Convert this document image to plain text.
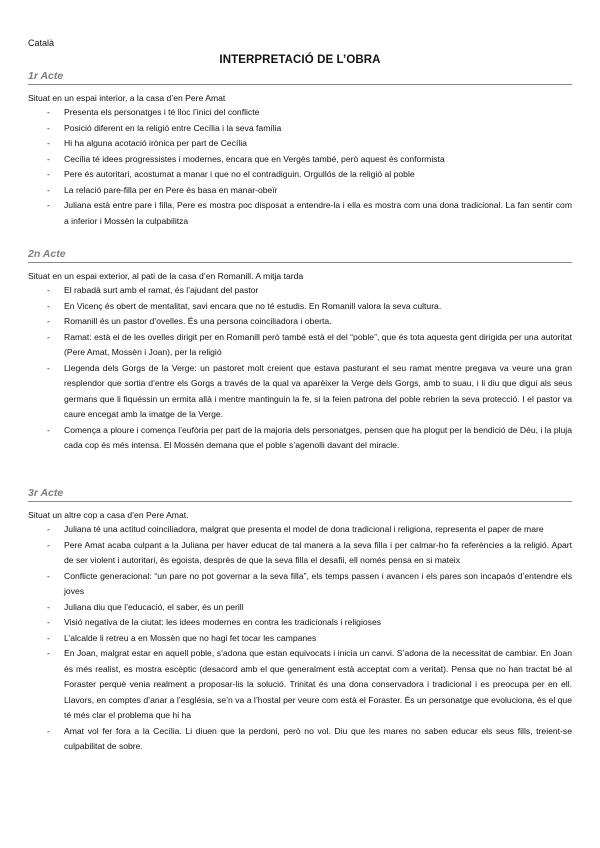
Català
INTERPRETACIÓ DE L’OBRA
1r Acte

Situat en un espai interior, a la casa d’en Pere Amat

- Presenta els personatges i té lloc l’inici del conflicte
- Posició diferent en la religió entre Cecília i la seva família
- Hi ha alguna acotació irònica per part de Cecília
- Cecília té idees progressistes i modernes, encara que en Vergès també, però aquest és conformista
- Pere és autoritari, acostumat a manar i que no el contradiguin. Orgullós de la religió al poble
- La relació pare-filla per en Pere és basa en manar-obeïr
- Juliana està entre pare i filla, Pere es mostra poc disposat a entendre-la i ella es mostra com una dona tradicional. La fan sentir com a inferior i Mossèn la culpabilitza
2n Acte

Situat en un espai exterior, al pati de la casa d’en Romanill. A mitja tarda

- El rabadà surt amb el ramat, és l’ajudant del pastor
- En Vicenç és obert de mentalitat, savi encara que no té estudis. En Romanill valora la seva cultura.
- Romanill és un pastor d’ovelles. És una persona coinciliadora i oberta.
- Ramat: està el de les ovelles dirigit per en Romanill però també està el del “poble”, que és tota aquesta gent dirigida per una autoritat (Pere Amat, Mossèn i Joan), per la religió
- Llegenda dels Gorgs de la Verge: un pastoret molt creient que estava pasturant el seu ramat mentre pregava va veure una gran resplendor que sortia d’entre els Gorgs a través de la qual va aparèixer la Verge dels Gorgs, amb to suau, i li diu que digui als seus germans que li fiquéssin un ermita allà i mentre mantinguin la fe, si la feien patrona del poble rebrien la seva protecció. I el pastor va caure encegat amb la imatge de la Verge.
- Comença a ploure i comença l’eufòria per part de la majoria dels personatges, pensen que ha plogut per la bendició de Déu, i la pluja cada cop és més intensa. El Mossèn demana que el poble s’agenolli davant del miracle.
3r Acte

Situat un altre cop a casa d’en Pere Amat.

- Juliana té una actitud coinciliadora, malgrat que presenta el model de dona tradicional i religiona, representa el paper de mare
- Pere Amat acaba culpant a la Juliana per haver educat de tal manera a la seva filla i per calmar-ho fa referències a la religió. Apart de ser violent i autoritari, és egoista, desprès de que la seva filla el desafii, ell només pensa en si mateix
- Conflicte generacional: “un pare no pot governar a la seva filla”, els temps passen i avancen i els pares son incapaós d’entendre els joves
- Juliana diu que l’educació, el saber, és un perill
- Visió negativa de la ciutat: les idees modernes en contra les tradicionals i religioses
- L’alcalde li retreu a en Mossèn que no hagi fet tocar les campanes
- En Joan, malgrat estar en aquell poble, s’adona que estan equivocats i inicia un canvi. S’adona de la necessitat de cambiar. En Joan és més realist, es mostra escèptic (desacord amb el que generalment està acceptat com a veritat). Pensa que no han tractat bé al Foraster perquè venia realment a proposar-lis la solució. Trinitat és una dona conservadora i tradicional i es preocupa per en ell. Llavors, en comptes d’anar a l’església, se’n va a l’hostal per veure com està el Foraster. És un personatge que evoluciona, és el que té més clar el problema que hi ha
- Amat vol fer fora a la Cecília. Li diuen que la perdoni, però no vol. Diu que les mares no saben educar els seus fills, treient-se culpabilitat de sobre.
